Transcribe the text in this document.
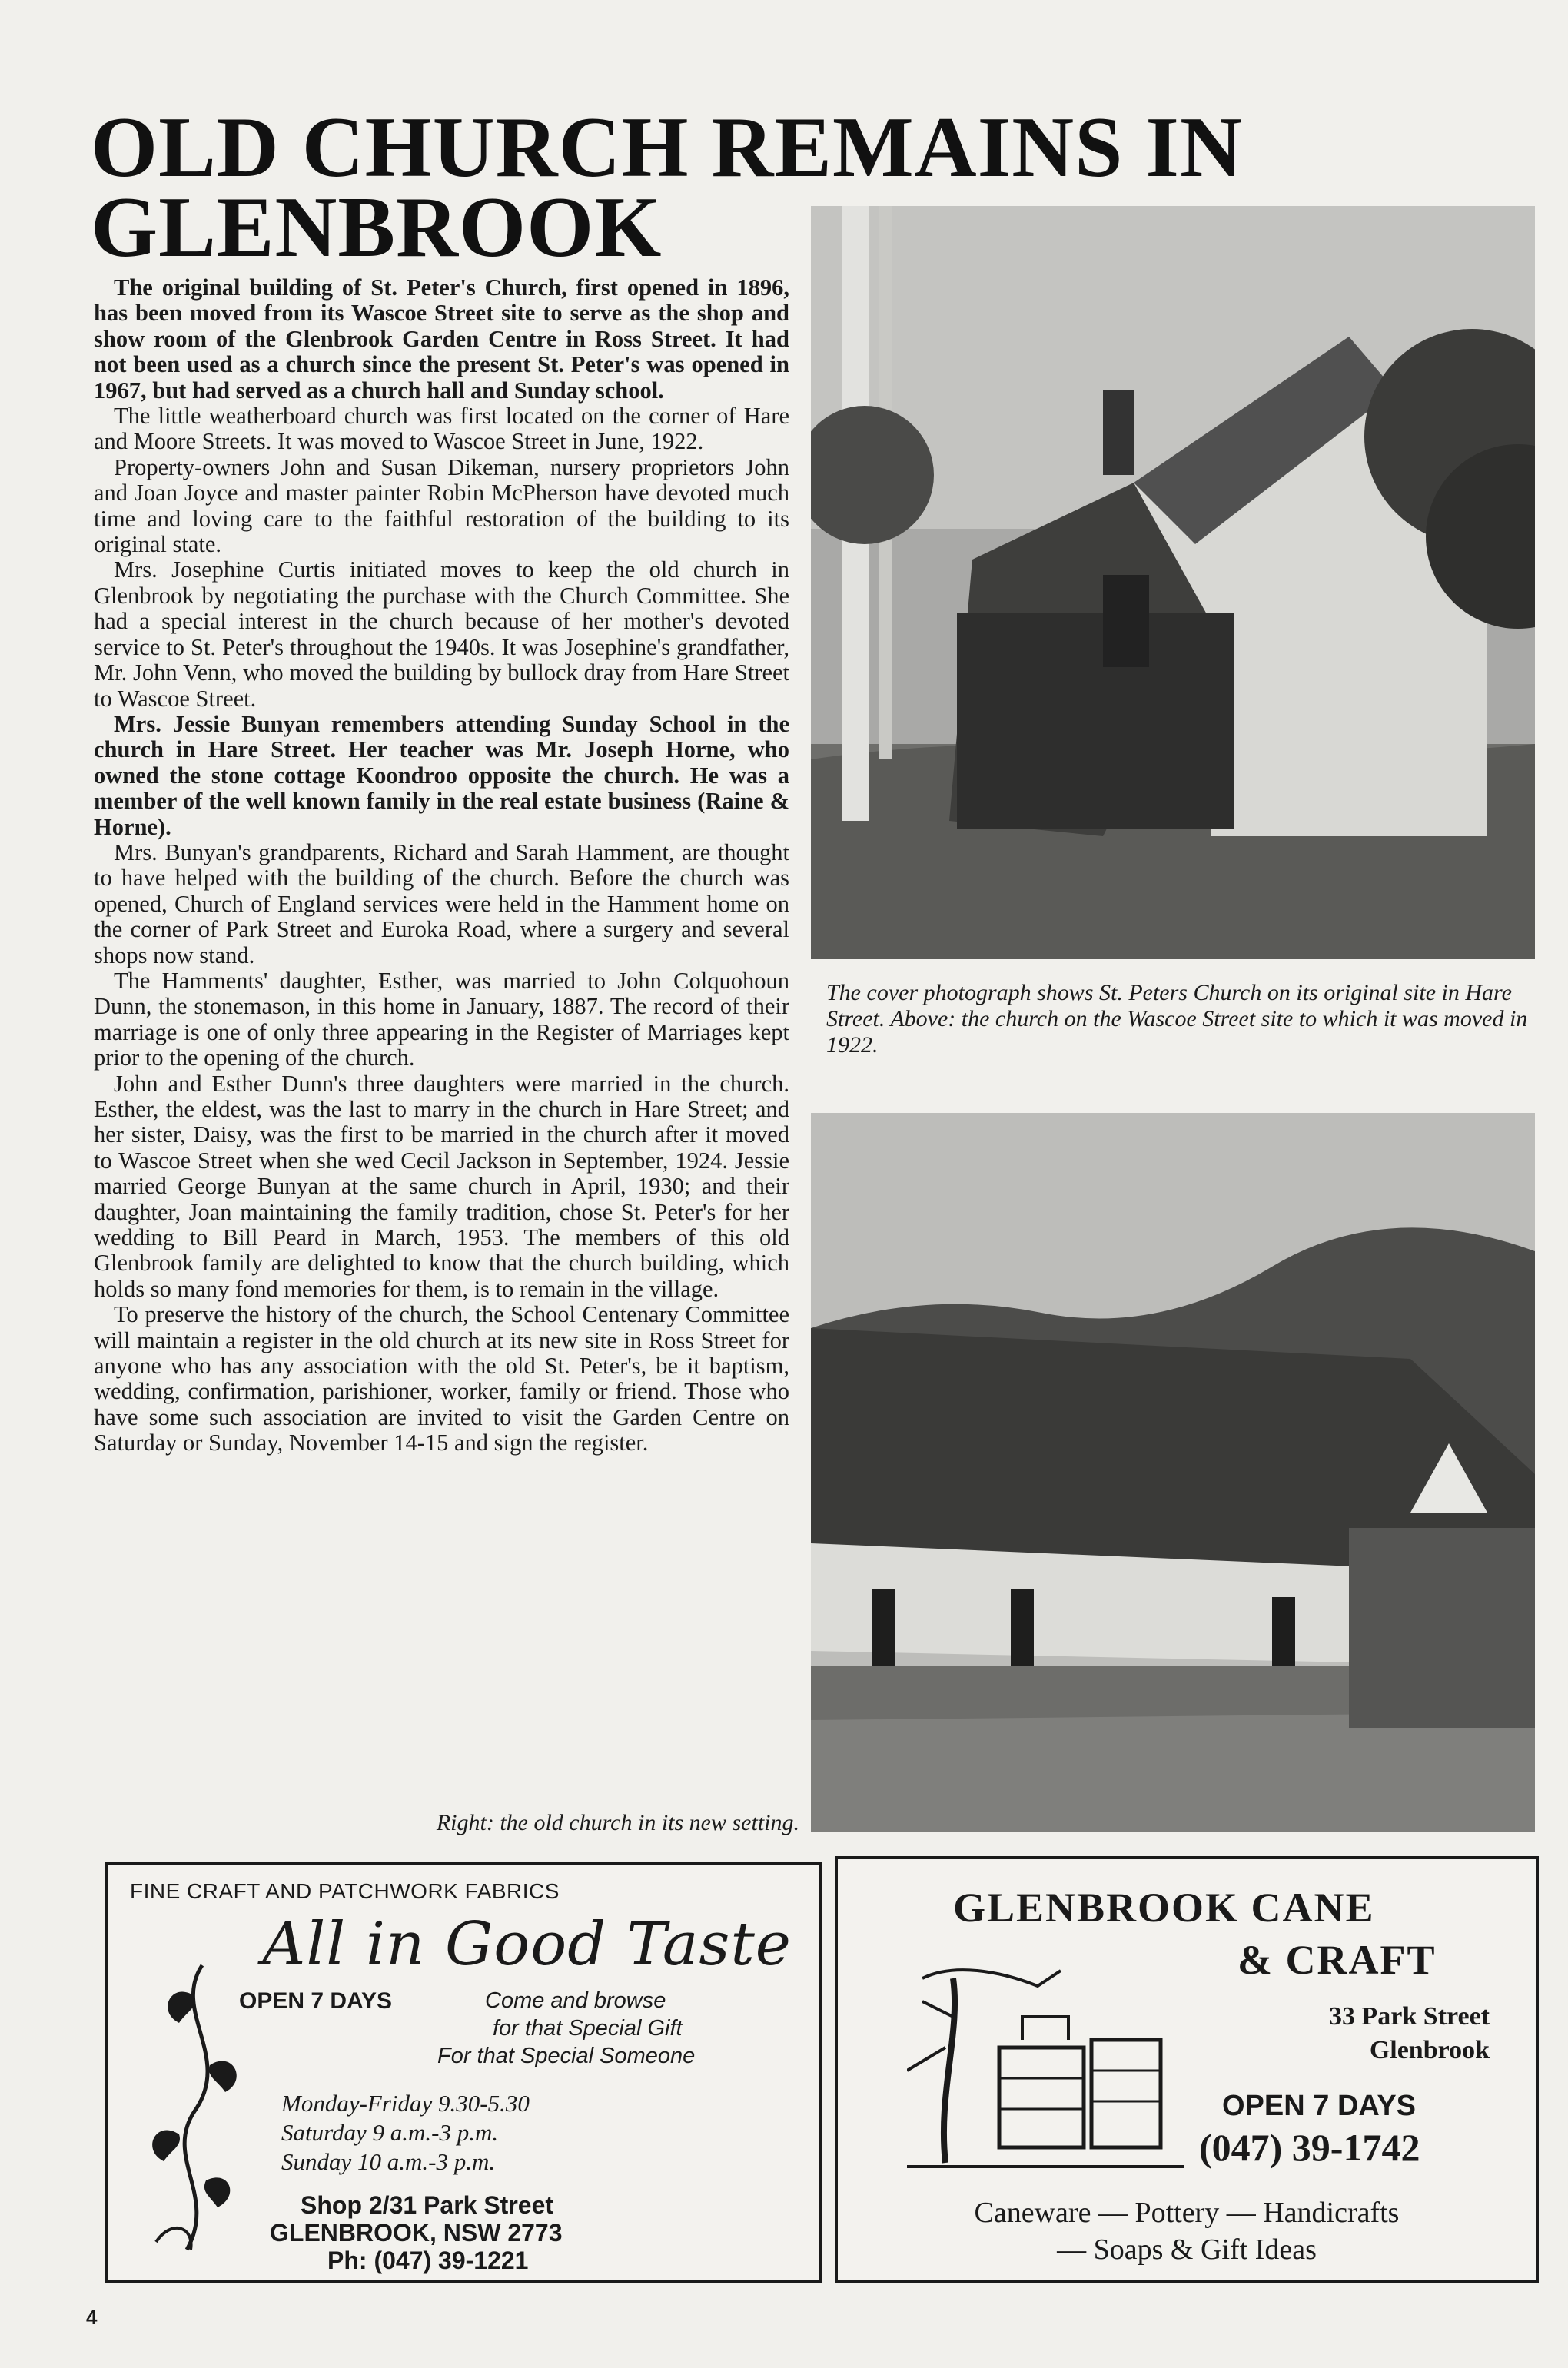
OLD CHURCH REMAINS IN GLENBROOK

The original building of St. Peter's Church, first opened in 1896, has been moved from its Wascoe Street site to serve as the shop and show room of the Glenbrook Garden Centre in Ross Street. It had not been used as a church since the present St. Peter's was opened in 1967, but had served as a church hall and Sunday school.

The little weatherboard church was first located on the corner of Hare and Moore Streets. It was moved to Wascoe Street in June, 1922.

Property-owners John and Susan Dikeman, nursery proprietors John and Joan Joyce and master painter Robin McPherson have devoted much time and loving care to the faithful restoration of the building to its original state.

Mrs. Josephine Curtis initiated moves to keep the old church in Glenbrook by negotiating the purchase with the Church Committee. She had a special interest in the church because of her mother's devoted service to St. Peter's throughout the 1940s. It was Josephine's grandfather, Mr. John Venn, who moved the building by bullock dray from Hare Street to Wascoe Street.

Mrs. Jessie Bunyan remembers attending Sunday School in the church in Hare Street. Her teacher was Mr. Joseph Horne, who owned the stone cottage Koondroo opposite the church. He was a member of the well known family in the real estate business (Raine & Horne).

Mrs. Bunyan's grandparents, Richard and Sarah Hamment, are thought to have helped with the building of the church. Before the church was opened, Church of England services were held in the Hamment home on the corner of Park Street and Euroka Road, where a surgery and several shops now stand.

The Hamments' daughter, Esther, was married to John Colquohoun Dunn, the stonemason, in this home in January, 1887. The record of their marriage is one of only three appearing in the Register of Marriages kept prior to the opening of the church.

John and Esther Dunn's three daughters were married in the church. Esther, the eldest, was the last to marry in the church in Hare Street; and her sister, Daisy, was the first to be married in the church after it moved to Wascoe Street when she wed Cecil Jackson in September, 1924. Jessie married George Bunyan at the same church in April, 1930; and their daughter, Joan maintaining the family tradition, chose St. Peter's for her wedding to Bill Peard in March, 1953. The members of this old Glenbrook family are delighted to know that the church building, which holds so many fond memories for them, is to remain in the village.

To preserve the history of the church, the School Centenary Committee will maintain a register in the old church at its new site in Ross Street for anyone who has any association with the old St. Peter's, be it baptism, wedding, confirmation, parishioner, worker, family or friend. Those who have some such association are invited to visit the Garden Centre on Saturday or Sunday, November 14-15 and sign the register.

Right: the old church in its new setting.
The cover photograph shows St. Peters Church on its original site in Hare Street. Above: the church on the Wascoe Street site to which it was moved in 1922.
FINE CRAFT AND PATCHWORK FABRICS
All in Good Taste
OPEN 7 DAYS	Come and browse
for that Special Gift
For that Special Someone
Monday-Friday 9.30-5.30
Saturday 9 a.m.-3 p.m.
Sunday 10 a.m.-3 p.m.
Shop 2/31 Park Street
GLENBROOK, NSW 2773
Ph: (047) 39-1221
GLENBROOK CANE
& CRAFT
33 Park Street
Glenbrook
OPEN 7 DAYS
(047) 39-1742
Caneware — Pottery — Handicrafts
— Soaps & Gift Ideas
4
